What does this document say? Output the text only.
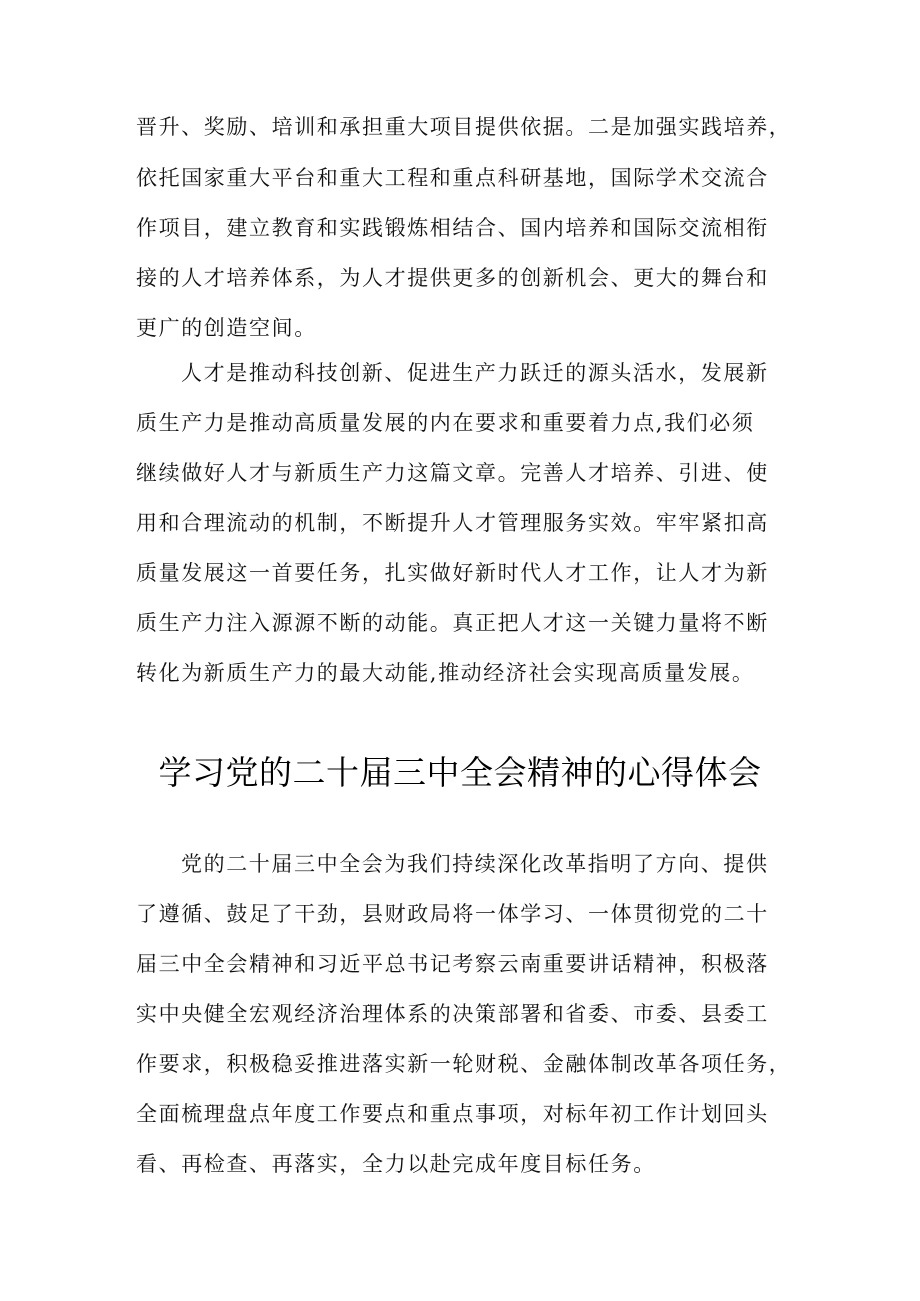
晋升、奖励、培训和承担重大项目提供依据。二是加强实践培养，
依托国家重大平台和重大工程和重点科研基地，国际学术交流合
作项目，建立教育和实践锻炼相结合、国内培养和国际交流相衔
接的人才培养体系，为人才提供更多的创新机会、更大的舞台和
更广的创造空间。
人才是推动科技创新、促进生产力跃迁的源头活水，发展新
质生产力是推动高质量发展的内在要求和重要着力点,我们必须
继续做好人才与新质生产力这篇文章。完善人才培养、引进、使
用和合理流动的机制，不断提升人才管理服务实效。牢牢紧扣高
质量发展这一首要任务，扎实做好新时代人才工作，让人才为新
质生产力注入源源不断的动能。真正把人才这一关键力量将不断
转化为新质生产力的最大动能,推动经济社会实现高质量发展。
学习党的二十届三中全会精神的心得体会
党的二十届三中全会为我们持续深化改革指明了方向、提供
了遵循、鼓足了干劲，县财政局将一体学习、一体贯彻党的二十
届三中全会精神和习近平总书记考察云南重要讲话精神，积极落
实中央健全宏观经济治理体系的决策部署和省委、市委、县委工
作要求，积极稳妥推进落实新一轮财税、金融体制改革各项任务，
全面梳理盘点年度工作要点和重点事项，对标年初工作计划回头
看、再检查、再落实，全力以赴完成年度目标任务。
